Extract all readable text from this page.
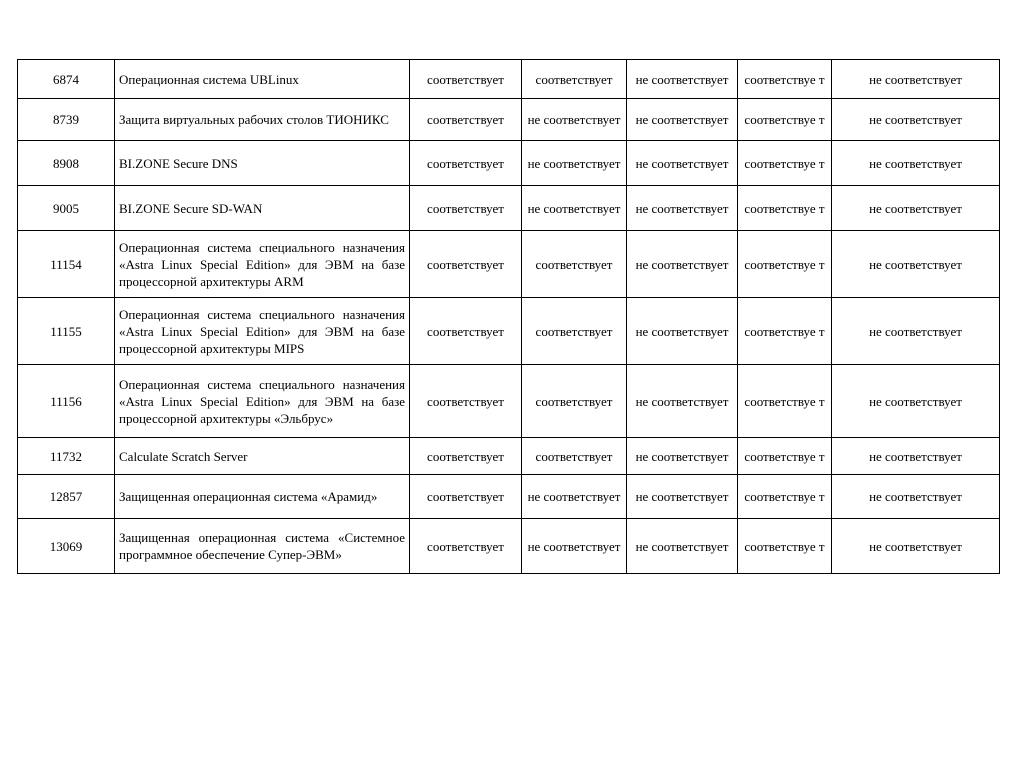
6874	Операционная система UBLinux	соответствует	соответствует	не соответствует	соответствуе т	не соответствует
8739	Защита виртуальных рабочих столов ТИОНИКС	соответствует	не соответствует	не соответствует	соответствуе т	не соответствует
8908	BI.ZONE Secure DNS	соответствует	не соответствует	не соответствует	соответствуе т	не соответствует
9005	BI.ZONE Secure SD-WAN	соответствует	не соответствует	не соответствует	соответствуе т	не соответствует
11154	Операционная система специального назначения «Astra Linux Special Edition» для ЭВМ на базе процессорной архитектуры ARM	соответствует	соответствует	не соответствует	соответствуе т	не соответствует
11155	Операционная система специального назначения «Astra Linux Special Edition» для ЭВМ на базе процессорной архитектуры MIPS	соответствует	соответствует	не соответствует	соответствуе т	не соответствует
11156	Операционная система специального назначения «Astra Linux Special Edition» для ЭВМ на базе процессорной архитектуры «Эльбрус»	соответствует	соответствует	не соответствует	соответствуе т	не соответствует
11732	Calculate Scratch Server	соответствует	соответствует	не соответствует	соответствуе т	не соответствует
12857	Защищенная операционная система «Арамид»	соответствует	не соответствует	не соответствует	соответствуе т	не соответствует
13069	Защищенная операционная система «Системное программное обеспечение Супер-ЭВМ»	соответствует	не соответствует	не соответствует	соответствуе т	не соответствует
